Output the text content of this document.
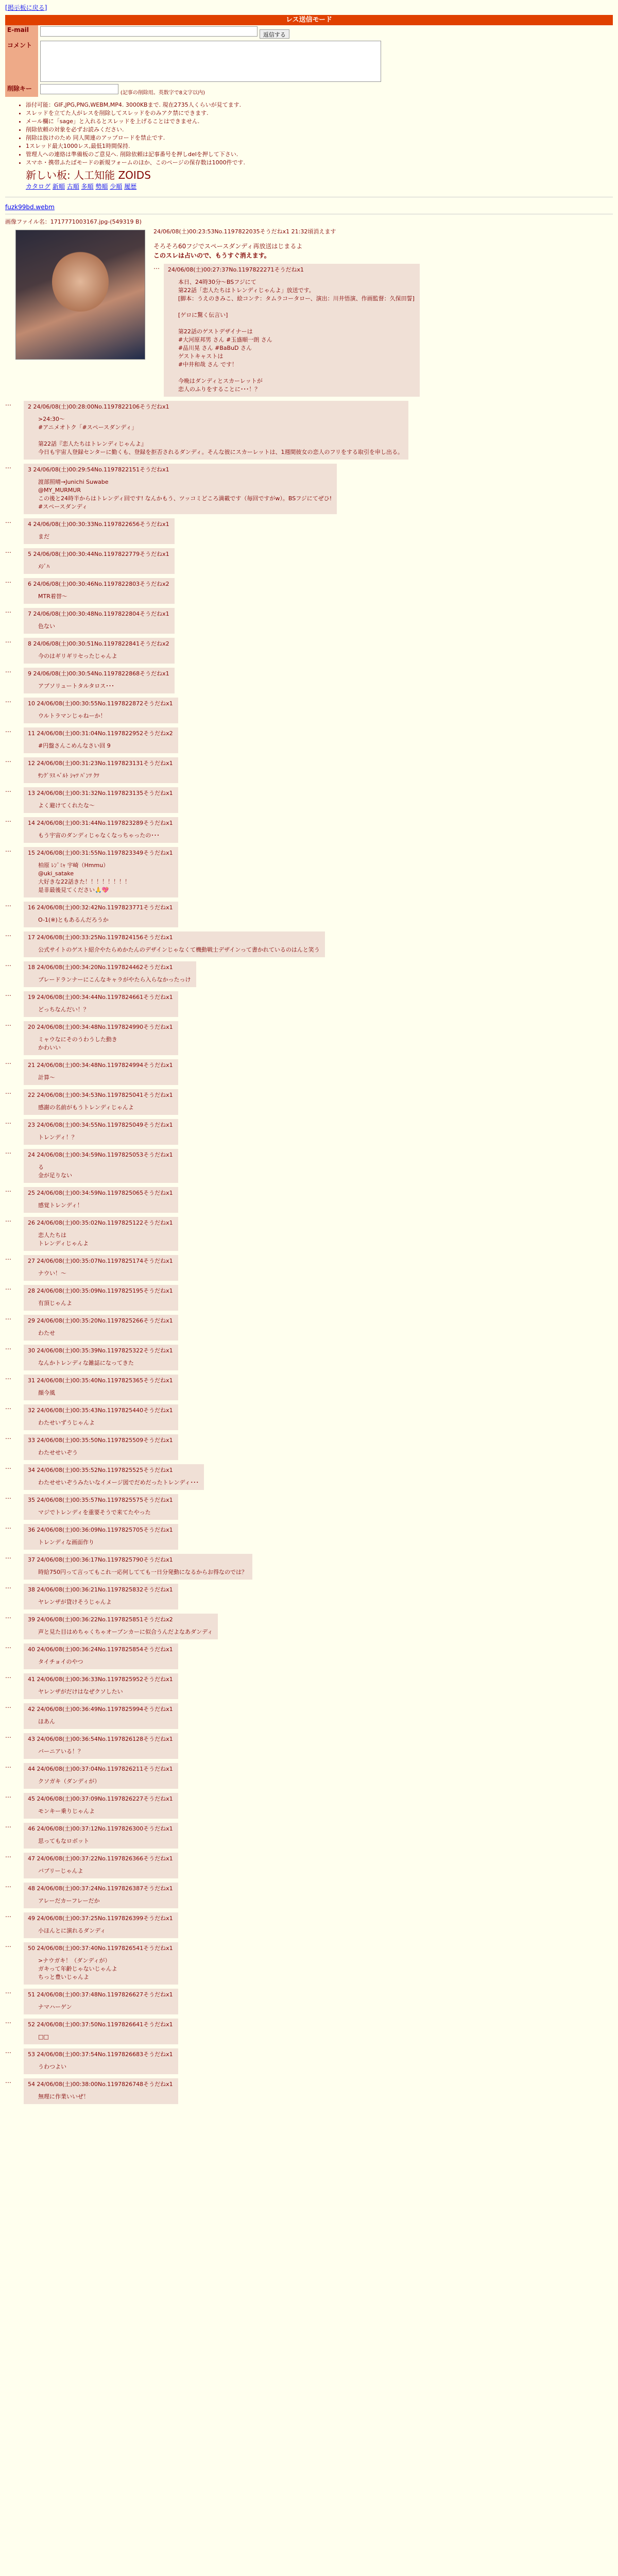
[掲示板に戻る]
レス送信モード
E-mail	返信する
コメント	

削除キー	(記事の削除用。英数字で8文字以内)
• 添付可能：GIF,JPG,PNG,WEBM,MP4. 3000KBまで. 現在2735人くらいが見てます.
• スレッドを立てた人がレスを削除してスレッドをのみアク禁にできます.
• メール欄に「sage」と入れるとスレッドを上げることはできません.
• 削除依頼の対象を必ずお読みください.
• 削除は抜けのため 同人関連のアップロードを禁止です.
• 1スレッド最大1000レス,最低1時間保持.
• 管理人への連絡は準備板のご意見へ. 削除依頼は記事番号を押しdelを押して下さい.
• スマホ・携帯ふたばモードの新規フォームのほか、このページの保存数は1000件です.
新しい板: 人工知能 ZOIDS
カタログ 新順 古順 多順 勢順 少順 履歴
fuzk99bd.webm
画像ファイル名：1717771003167.jpg-(549319 B)
24/06/08(土)00:23:53No.1197822035そうだねx1 21:32頃消えます

そろそろ60フジでスペースダンディ再放送はじまるよ

このスレは占いので、もうすぐ消えます。

… 24/06/08(土)00:27:37No.1197822271そうだねx1
本日、24時30分～BSフジにて
第22話「恋人たちはトレンディじゃんよ」放送です。
[脚本：うえのきみこ、絵コンテ：タムラコータロー、演出：川井悟演、作画監督：久保田誓]

[ゲロに驚く伝言い]

第22話のゲストデザイナーは
#大河原邦男 さん #玉盛順一朗 さん
#品川晃 さん #BaBuD さん
ゲストキャストは
#中井和哉 さん です！

今晩はダンディとスカーレットが
恋人のふりをすることに･･･！？
…	2 24/06/08(土)00:28:00No.1197822106そうだねx1
>24:30～
#アニメオトク「#スペースダンディ」

第22話『恋人たちはトレンディじゃんよ』
今日も宇宙人登録センターに勤くも、登録を拒否されるダンディ。そんな彼にスカーレットは、1週間彼女の恋人のフリをする取引を申し出る。
…	3 24/06/08(土)00:29:54No.1197822151そうだねx1
渡部照晴→Junichi Suwabe
@MY_MURMUR
この後と24時半からはトレンディ回です! なんかもう、ツッコミどころ満載です（毎回ですがw）。BSフジにてぜひ!
#スペースダンディ
…	4 24/06/08(土)00:30:33No.1197822656そうだねx1
まだ
…	5 24/06/08(土)00:30:44No.1197822779そうだねx1
ﾒｼﾞﾊ
…	6 24/06/08(土)00:30:46No.1197822803そうだねx2
MTR着替～
…	7 24/06/08(土)00:30:48No.1197822804そうだねx1
色ない
…	8 24/06/08(土)00:30:51No.1197822841そうだねx2
今のはギリギリセったじゃんよ
…	9 24/06/08(土)00:30:54No.1197822868そうだねx1
アブソリュートタルタロス･･･
…	10 24/06/08(土)00:30:55No.1197822872そうだねx1
ウルトラマンじゃねーか！
…	11 24/06/08(土)00:31:04No.1197822952そうだねx2
#円盤さんこめんなさい回 9
…	12 24/06/08(土)00:31:23No.1197823131そうだねx1
ｻﾝｸﾞﾗｽ ﾍﾞﾙﾄ ｼｬﾂ ﾊﾟﾝﾂ ｸﾂ
…	13 24/06/08(土)00:31:32No.1197823135そうだねx1
よく避けてくれたな～
…	14 24/06/08(土)00:31:44No.1197823289そうだねx1
もう宇宙のダンディじゃなくなっちゃったの･･･
…	15 24/06/08(土)00:31:55No.1197823349そうだねx1
柏原 ﾚﾝﾞﾐｬ 宇崎（Hmmu）
@uki_satake
大好きな22話きた！！！！！！！！
是非最後見てください🙏💖
…	16 24/06/08(土)00:32:42No.1197823771そうだねx1
O-1(※)ともあるんだろうか
…	17 24/06/08(土)00:33:25No.1197824156そうだねx1
公式サイトのゲスト紹介やたらめかたんのデザインじゃなくて機動戦士デザインって書かれているのはんと笑う
…	18 24/06/08(土)00:34:20No.1197824462そうだねx1
ブレードランナーにこんなキャラがやたら入らなかったっけ
…	19 24/06/08(土)00:34:44No.1197824661そうだねx1
どっちなんだい！？
…	20 24/06/08(土)00:34:48No.1197824990そうだねx1
ミャウなにそのうわうした動き
かわいい
…	21 24/06/08(土)00:34:48No.1197824994そうだねx1
計算～
…	22 24/06/08(土)00:34:53No.1197825041そうだねx1
感謝の名前がもうトレンディじゃんよ
…	23 24/06/08(土)00:34:55No.1197825049そうだねx1
トレンディ！？
…	24 24/06/08(土)00:34:59No.1197825053そうだねx1
る
金が足りない
…	25 24/06/08(土)00:34:59No.1197825065そうだねx1
感覚トレンディ！
…	26 24/06/08(土)00:35:02No.1197825122そうだねx1
恋人たちは
トレンディじゃんよ
…	27 24/06/08(土)00:35:07No.1197825174そうだねx1
ナウい！～
…	28 24/06/08(土)00:35:09No.1197825195そうだねx1
有頂じゃんよ
…	29 24/06/08(土)00:35:20No.1197825266そうだねx1
わたせ
…	30 24/06/08(土)00:35:39No.1197825322そうだねx1
なんかトレンディな雑誌になってきた
…	31 24/06/08(土)00:35:40No.1197825365そうだねx1
顔今風
…	32 24/06/08(土)00:35:43No.1197825440そうだねx1
わたせいずうじゃんよ
…	33 24/06/08(土)00:35:50No.1197825509そうだねx1
わたせせいぞう
…	34 24/06/08(土)00:35:52No.1197825525そうだねx1
わたせせいぞうみたいなイメージ図でだめだったトレンディ･･･
…	35 24/06/08(土)00:35:57No.1197825575そうだねx1
マジでトレンディを重要そうで来てたやった
…	36 24/06/08(土)00:36:09No.1197825705そうだねx1
トレンディな画面作り
…	37 24/06/08(土)00:36:17No.1197825790そうだねx1
時給750円って言ってもこれ一応何してても一日分発動になるからお得なのでは？
…	38 24/06/08(土)00:36:21No.1197825832そうだねx1
ヤレンザが貸けそうじゃんよ
…	39 24/06/08(土)00:36:22No.1197825851そうだねx2
声と見た目はめちゃくちゃオープンカーに似合うんだよなあダンディ
…	40 24/06/08(土)00:36:24No.1197825854そうだねx1
タイチョイのやつ
…	41 24/06/08(土)00:36:33No.1197825952そうだねx1
ヤレンザがだけはなぜクソしたい
…	42 24/06/08(土)00:36:49No.1197825994そうだねx1
ほあん
…	43 24/06/08(土)00:36:54No.1197826128そうだねx1
バーニアいる！？
…	44 24/06/08(土)00:37:04No.1197826211そうだねx1
クソガキ（ダンディが）
…	45 24/06/08(土)00:37:09No.1197826227そうだねx1
モンキー乗りじゃんよ
…	46 24/06/08(土)00:37:12No.1197826300そうだねx1
思ってもなロボット
…	47 24/06/08(土)00:37:22No.1197826366そうだねx1
バブリーじゃんよ
…	48 24/06/08(土)00:37:24No.1197826387そうだねx1
アレーだカーフレーだか
…	49 24/06/08(土)00:37:25No.1197826399そうだねx1
小ほんとに演れるダンディ
…	50 24/06/08(土)00:37:40No.1197826541そうだねx1
>ナウガキ！（ダンディが）
ガキって年齢じゃないじゃんよ
ちっと豊いじゃんよ
…	51 24/06/08(土)00:37:48No.1197826627そうだねx1
ナマハーゲン
…	52 24/06/08(土)00:37:50No.1197826641そうだねx1
□□
…	53 24/06/08(土)00:37:54No.1197826683そうだねx1
うわつよい
…	54 24/06/08(土)00:38:00No.1197826748そうだねx1
無理に作業いいぜ！
